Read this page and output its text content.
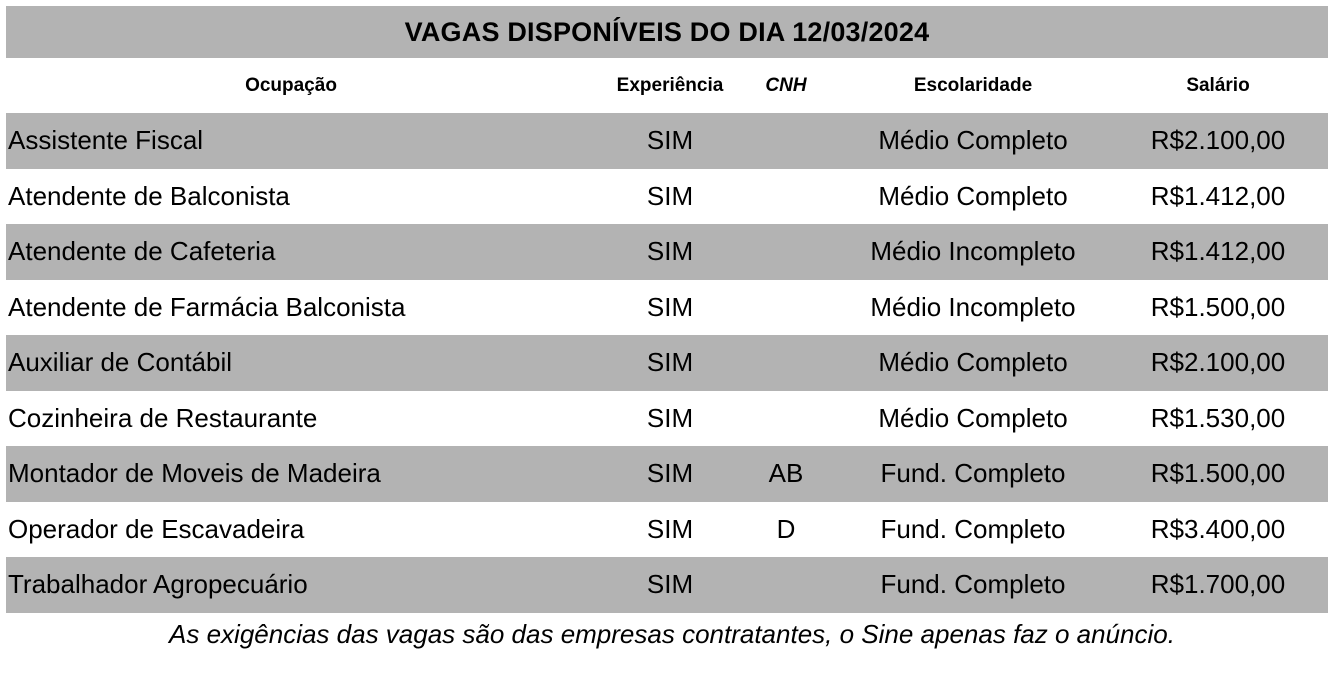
VAGAS DISPONÍVEIS DO DIA 12/03/2024
Ocupação	Experiência	CNH	Escolaridade	Salário
Assistente Fiscal	SIM		Médio Completo	R$2.100,00
Atendente de Balconista	SIM		Médio Completo	R$1.412,00
Atendente de Cafeteria	SIM		Médio Incompleto	R$1.412,00
Atendente de Farmácia Balconista	SIM		Médio Incompleto	R$1.500,00
Auxiliar de Contábil	SIM		Médio Completo	R$2.100,00
Cozinheira de Restaurante	SIM		Médio Completo	R$1.530,00
Montador de Moveis de Madeira	SIM	AB	Fund. Completo	R$1.500,00
Operador de Escavadeira	SIM	D	Fund. Completo	R$3.400,00
Trabalhador Agropecuário	SIM		Fund. Completo	R$1.700,00
As exigências das vagas são das empresas contratantes, o Sine apenas faz o anúncio.
